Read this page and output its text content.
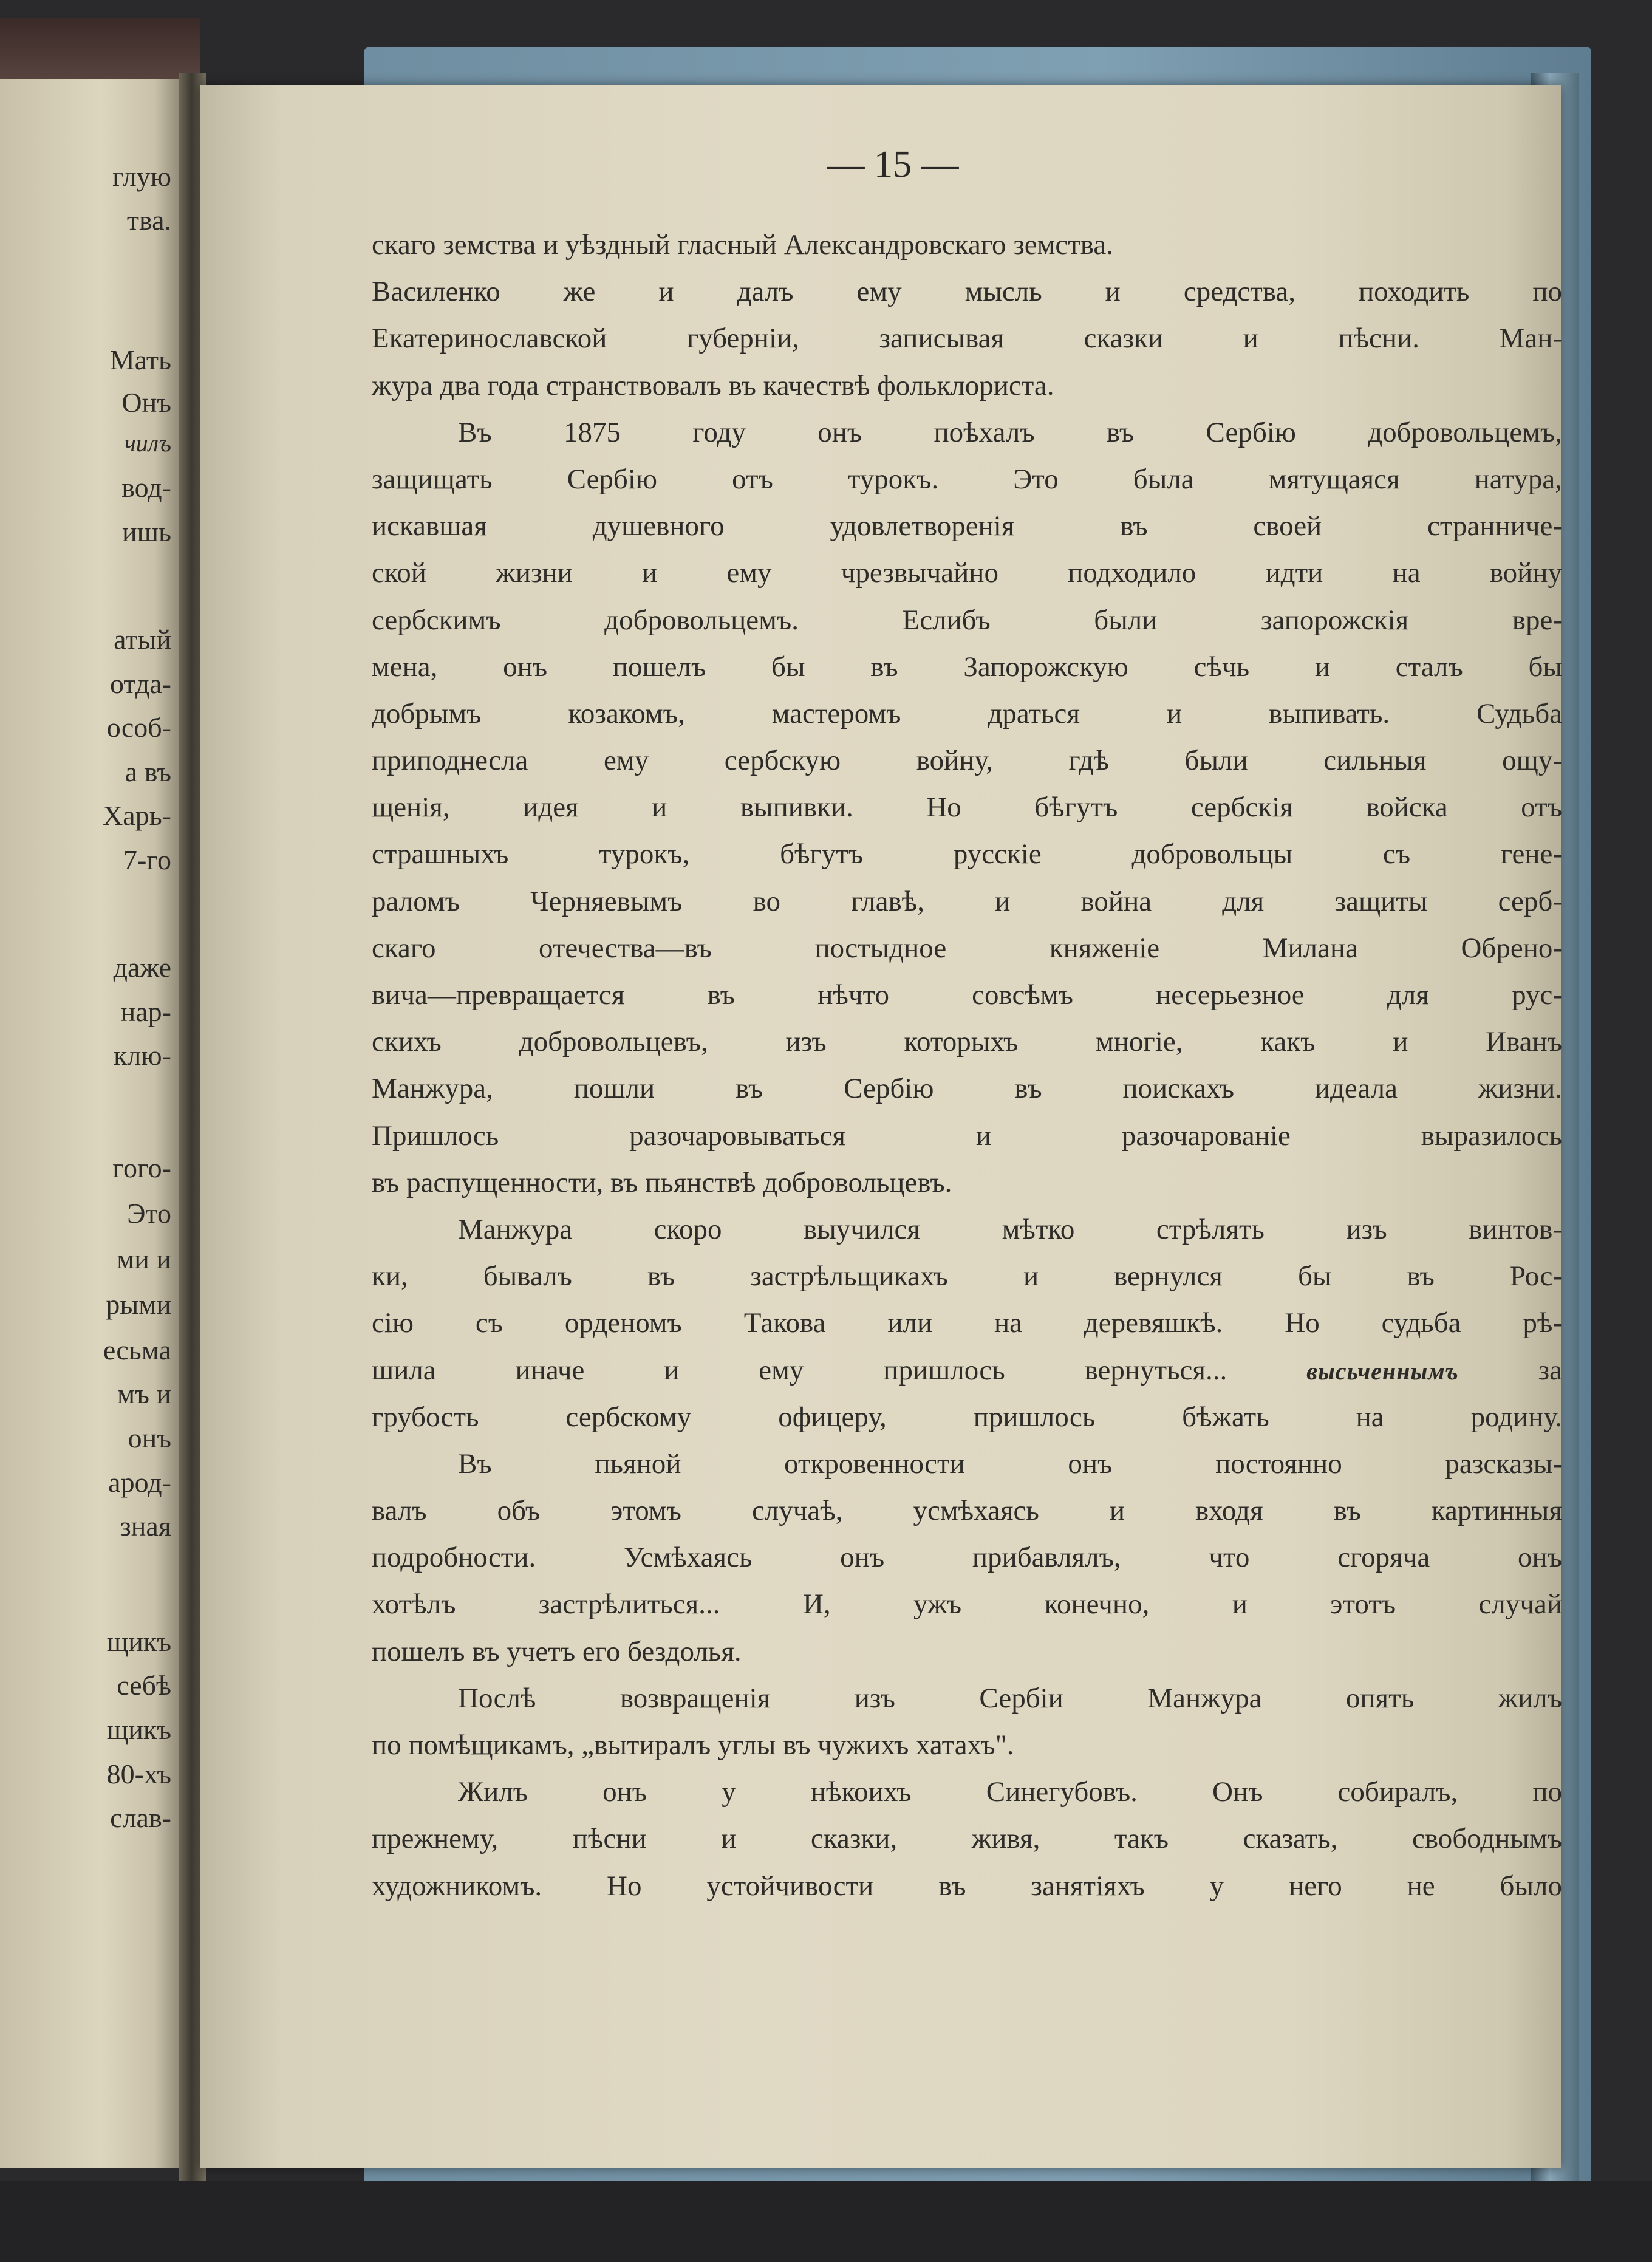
глую
тва.
Мать
Онъ
чилъ
вод-
ишь
атый
отда-
особ-
а въ
Харь-
7-го
даже
нар-
клю-
гого-
Это
ми и
рыми
есьма
мъ и
онъ
арод-
зная
щикъ
себѣ
щикъ
80-хъ
слав-
— 15 —
скаго земства и уѣздный гласный Александровскаго земства.
Василенко же и далъ ему мысль и средства, походить по
Екатеринославской губерніи, записывая сказки и пѣсни. Ман-
жура два года странствовалъ въ качествѣ фольклориста.
Въ 1875 году онъ поѣхалъ въ Сербію добровольцемъ,
защищать Сербію отъ турокъ. Это была мятущаяся натура,
искавшая душевного удовлетворенія въ своей странниче-
ской жизни и ему чрезвычайно подходило идти на войну
сербскимъ добровольцемъ. Еслибъ были запорожскія вре-
мена, онъ пошелъ бы въ Запорожскую сѣчь и сталъ бы
добрымъ козакомъ, мастеромъ драться и выпивать. Судьба
приподнесла ему сербскую войну, гдѣ были сильныя ощу-
щенія, идея и выпивки. Но бѣгутъ сербскія войска отъ
страшныхъ турокъ, бѣгутъ русскіе добровольцы съ гене-
раломъ Черняевымъ во главѣ, и война для защиты серб-
скаго отечества—въ постыдное княженіе Милана Обрено-
вича—превращается въ нѣчто совсѣмъ несерьезное для рус-
скихъ добровольцевъ, изъ которыхъ многіе, какъ и Иванъ
Манжура, пошли въ Сербію въ поискахъ идеала жизни.
Пришлось разочаровываться и разочарованіе выразилось
въ распущенности, въ пьянствѣ добровольцевъ.
Манжура скоро выучился мѣтко стрѣлять изъ винтов-
ки, бывалъ въ застрѣльщикахъ и вернулся бы въ Рос-
сію съ орденомъ Такова или на деревяшкѣ. Но судьба рѣ-
шила иначе и ему пришлось вернуться... высьченнымъ за
грубость сербскому офицеру, пришлось бѣжать на родину.
Въ пьяной откровенности онъ постоянно разсказы-
валъ объ этомъ случаѣ, усмѣхаясь и входя въ картинныя
подробности. Усмѣхаясь онъ прибавлялъ, что сгоряча онъ
хотѣлъ застрѣлиться... И, ужъ конечно, и этотъ случай
пошелъ въ учетъ его бездолья.
Послѣ возвращенія изъ Сербіи Манжура опять жилъ
по помѣщикамъ, „вытиралъ углы въ чужихъ хатахъ".
Жилъ онъ у нѣкоихъ Синегубовъ. Онъ собиралъ, по
прежнему, пѣсни и сказки, живя, такъ сказать, свободнымъ
художникомъ. Но устойчивости въ занятіяхъ у него не было
